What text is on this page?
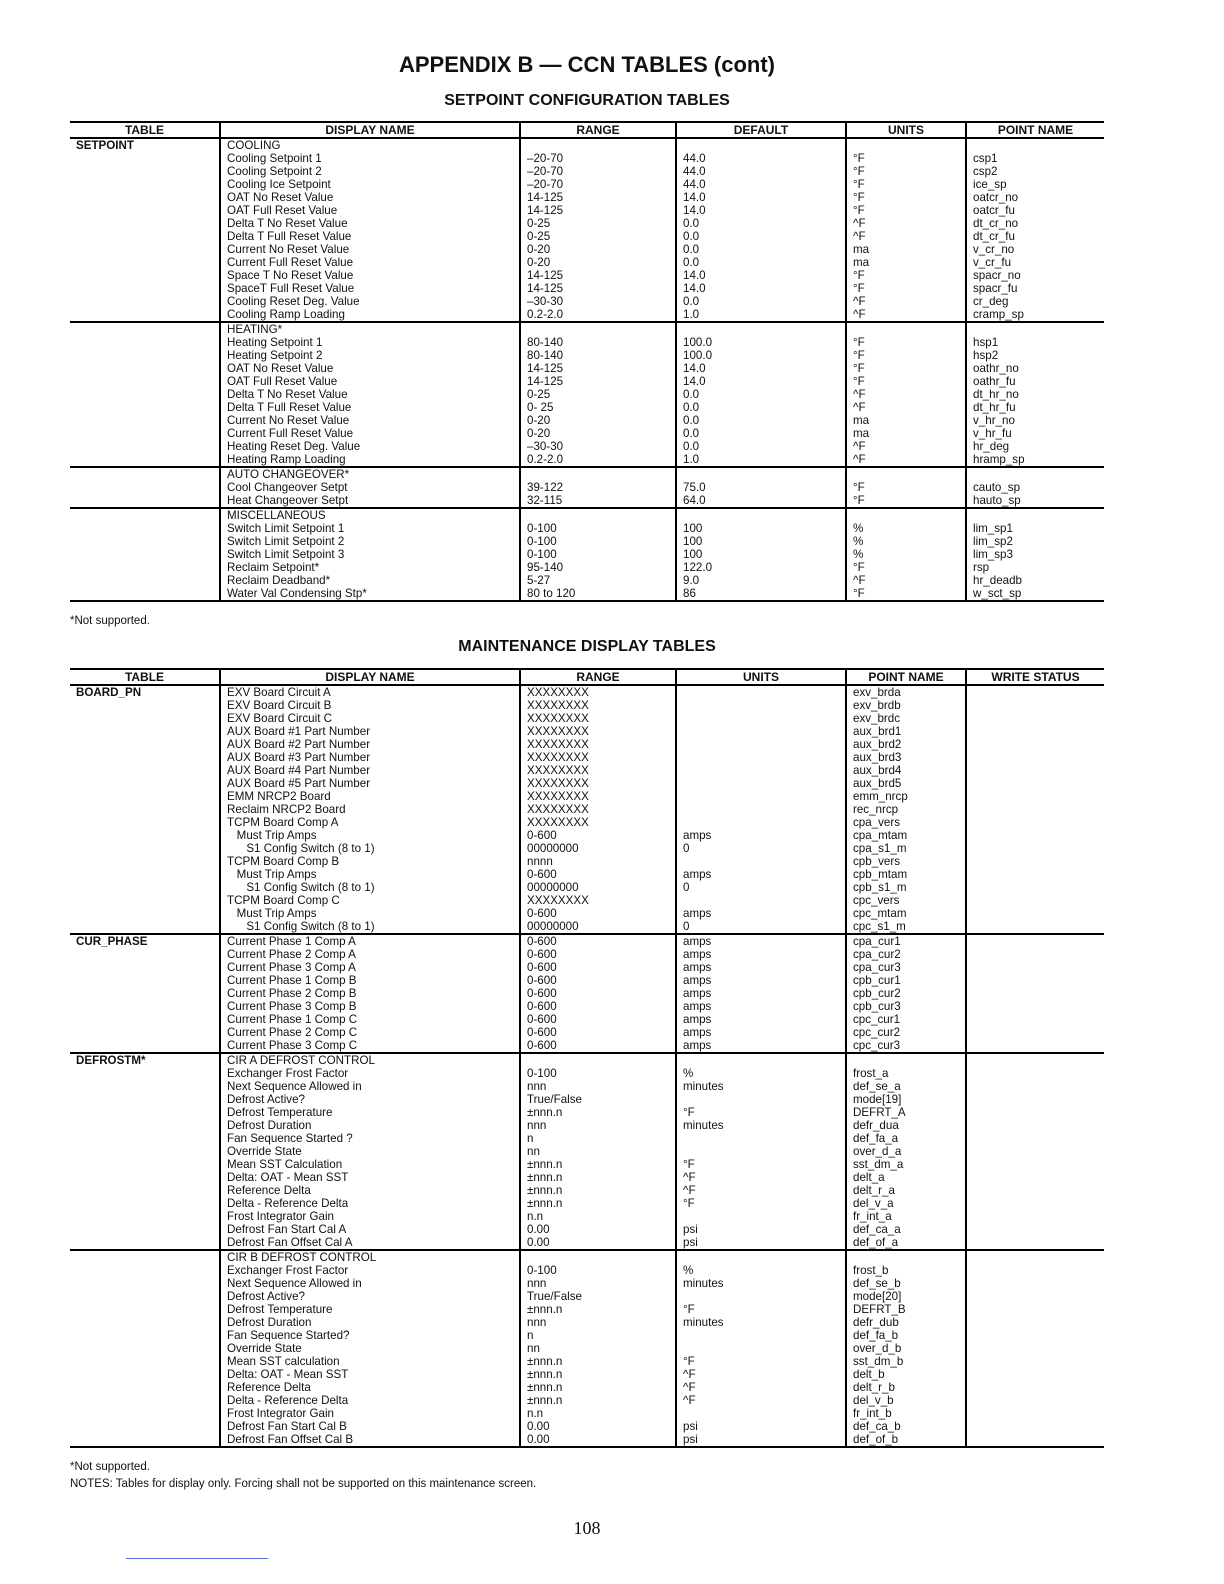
APPENDIX B — CCN TABLES (cont)
SETPOINT CONFIGURATION TABLES
TABLE	DISPLAY NAME	RANGE	DEFAULT	UNITS	POINT NAME
SETPOINT	COOLING				
	Cooling Setpoint 1	–20-70	44.0	°F	csp1
	Cooling Setpoint 2	–20-70	44.0	°F	csp2
	Cooling Ice Setpoint	–20-70	44.0	°F	ice_sp
	OAT No Reset Value	14-125	14.0	°F	oatcr_no
	OAT Full Reset Value	14-125	14.0	°F	oatcr_fu
	Delta T No Reset Value	0-25	0.0	^F	dt_cr_no
	Delta T Full Reset Value	0-25	0.0	^F	dt_cr_fu
	Current No Reset Value	0-20	0.0	ma	v_cr_no
	Current Full Reset Value	0-20	0.0	ma	v_cr_fu
	Space T No Reset Value	14-125	14.0	°F	spacr_no
	SpaceT Full Reset Value	14-125	14.0	°F	spacr_fu
	Cooling Reset Deg. Value	–30-30	0.0	^F	cr_deg
	Cooling Ramp Loading	0.2-2.0	1.0	^F	cramp_sp
	HEATING*				
	Heating Setpoint 1	80-140	100.0	°F	hsp1
	Heating Setpoint 2	80-140	100.0	°F	hsp2
	OAT No Reset Value	14-125	14.0	°F	oathr_no
	OAT Full Reset Value	14-125	14.0	°F	oathr_fu
	Delta T No Reset Value	0-25	0.0	^F	dt_hr_no
	Delta T Full Reset Value	0- 25	0.0	^F	dt_hr_fu
	Current No Reset Value	0-20	0.0	ma	v_hr_no
	Current Full Reset Value	0-20	0.0	ma	v_hr_fu
	Heating Reset Deg. Value	–30-30	0.0	^F	hr_deg
	Heating Ramp Loading	0.2-2.0	1.0	^F	hramp_sp
	AUTO CHANGEOVER*				
	Cool Changeover Setpt	39-122	75.0	°F	cauto_sp
	Heat Changeover Setpt	32-115	64.0	°F	hauto_sp
	MISCELLANEOUS				
	Switch Limit Setpoint 1	0-100	100	%	lim_sp1
	Switch Limit Setpoint 2	0-100	100	%	lim_sp2
	Switch Limit Setpoint 3	0-100	100	%	lim_sp3
	Reclaim Setpoint*	95-140	122.0	°F	rsp
	Reclaim Deadband*	5-27	9.0	^F	hr_deadb
	Water Val Condensing Stp*	80 to 120	86	°F	w_sct_sp
*Not supported.
MAINTENANCE DISPLAY TABLES
TABLE	DISPLAY NAME	RANGE	UNITS	POINT NAME	WRITE STATUS
BOARD_PN	EXV Board Circuit A	XXXXXXXX		exv_brda	
	EXV Board Circuit B	XXXXXXXX		exv_brdb	
	EXV Board Circuit C	XXXXXXXX		exv_brdc	
	AUX Board #1 Part Number	XXXXXXXX		aux_brd1	
	AUX Board #2 Part Number	XXXXXXXX		aux_brd2	
	AUX Board #3 Part Number	XXXXXXXX		aux_brd3	
	AUX Board #4 Part Number	XXXXXXXX		aux_brd4	
	AUX Board #5 Part Number	XXXXXXXX		aux_brd5	
	EMM NRCP2 Board	XXXXXXXX		emm_nrcp	
	Reclaim NRCP2 Board	XXXXXXXX		rec_nrcp	
	TCPM Board Comp A	XXXXXXXX		cpa_vers	
	Must Trip Amps	0-600	amps	cpa_mtam	
	S1 Config Switch (8 to 1)	00000000	0	cpa_s1_m	
	TCPM Board Comp B	nnnn		cpb_vers	
	Must Trip Amps	0-600	amps	cpb_mtam	
	S1 Config Switch (8 to 1)	00000000	0	cpb_s1_m	
	TCPM Board Comp C	XXXXXXXX		cpc_vers	
	Must Trip Amps	0-600	amps	cpc_mtam	
	S1 Config Switch (8 to 1)	00000000	0	cpc_s1_m	
CUR_PHASE	Current Phase 1 Comp A	0-600	amps	cpa_cur1	
	Current Phase 2 Comp A	0-600	amps	cpa_cur2	
	Current Phase 3 Comp A	0-600	amps	cpa_cur3	
	Current Phase 1 Comp B	0-600	amps	cpb_cur1	
	Current Phase 2 Comp B	0-600	amps	cpb_cur2	
	Current Phase 3 Comp B	0-600	amps	cpb_cur3	
	Current Phase 1 Comp C	0-600	amps	cpc_cur1	
	Current Phase 2 Comp C	0-600	amps	cpc_cur2	
	Current Phase 3 Comp C	0-600	amps	cpc_cur3	
DEFROSTM*	CIR A DEFROST CONTROL				
	Exchanger Frost Factor	0-100	%	frost_a	
	Next Sequence Allowed in	nnn	minutes	def_se_a	
	Defrost Active?	True/False		mode[19]	
	Defrost Temperature	±nnn.n	°F	DEFRT_A	
	Defrost Duration	nnn	minutes	defr_dua	
	Fan Sequence Started ?	n		def_fa_a	
	Override State	nn		over_d_a	
	Mean SST Calculation	±nnn.n	°F	sst_dm_a	
	Delta: OAT - Mean SST	±nnn.n	^F	delt_a	
	Reference Delta	±nnn.n	^F	delt_r_a	
	Delta - Reference Delta	±nnn.n	°F	del_v_a	
	Frost Integrator Gain	n.n		fr_int_a	
	Defrost Fan Start Cal A	0.00	psi	def_ca_a	
	Defrost Fan Offset Cal A	0.00	psi	def_of_a	
	CIR B DEFROST CONTROL				
	Exchanger Frost Factor	0-100	%	frost_b	
	Next Sequence Allowed in	nnn	minutes	def_se_b	
	Defrost Active?	True/False		mode[20]	
	Defrost Temperature	±nnn.n	°F	DEFRT_B	
	Defrost Duration	nnn	minutes	defr_dub	
	Fan Sequence Started?	n		def_fa_b	
	Override State	nn		over_d_b	
	Mean SST calculation	±nnn.n	°F	sst_dm_b	
	Delta: OAT - Mean SST	±nnn.n	^F	delt_b	
	Reference Delta	±nnn.n	^F	delt_r_b	
	Delta - Reference Delta	±nnn.n	^F	del_v_b	
	Frost Integrator Gain	n.n		fr_int_b	
	Defrost Fan Start Cal B	0.00	psi	def_ca_b	
	Defrost Fan Offset Cal B	0.00	psi	def_of_b	
*Not supported.
NOTES: Tables for display only. Forcing shall not be supported on this maintenance screen.
108
